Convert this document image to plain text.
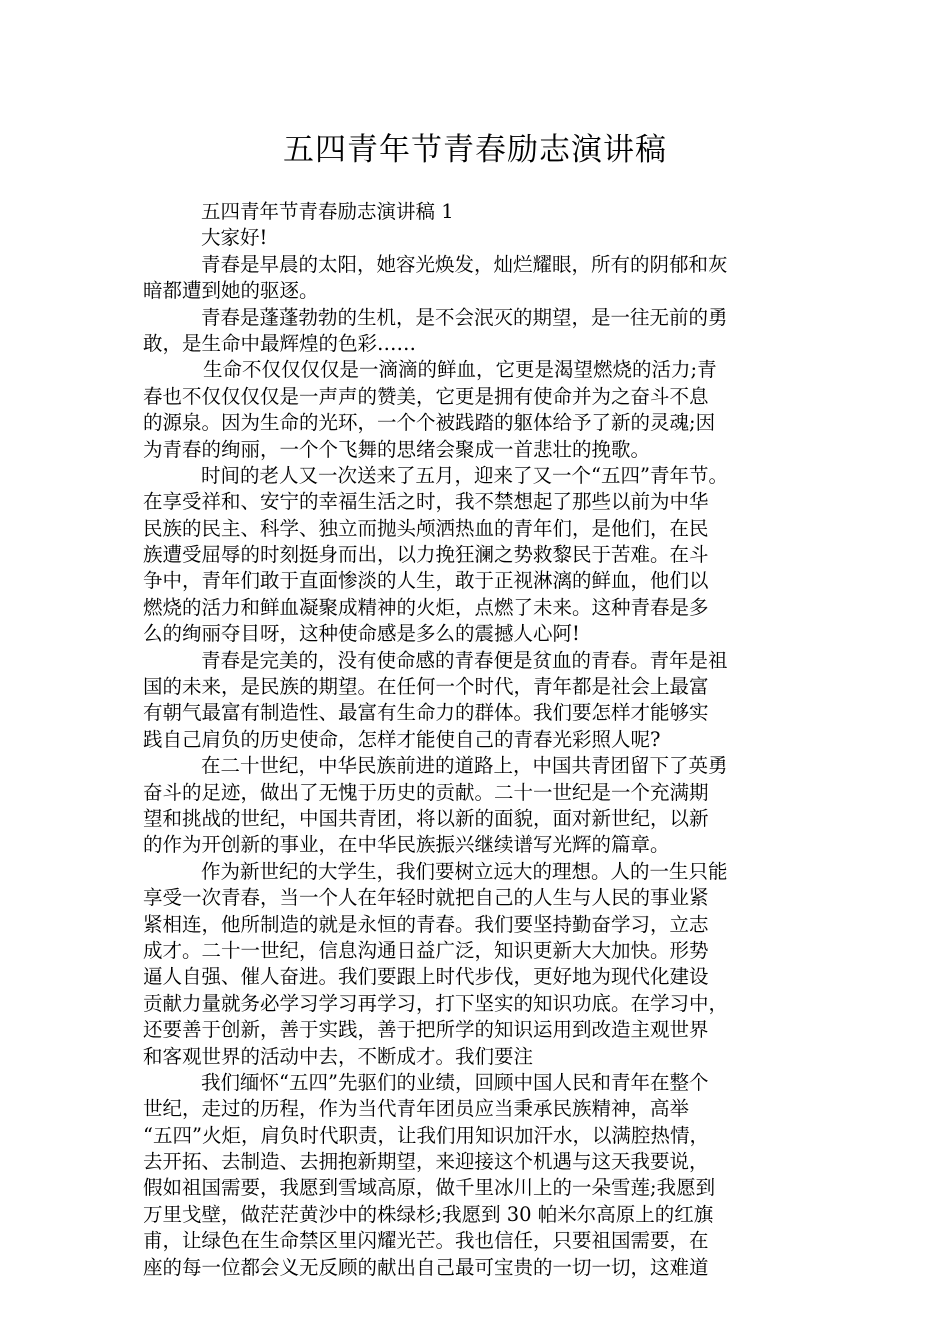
五四青年节青春励志演讲稿
五四青年节青春励志演讲稿 1
大家好!
青春是早晨的太阳，她容光焕发，灿烂耀眼，所有的阴郁和灰
暗都遭到她的驱逐。
青春是蓬蓬勃勃的生机，是不会泯灭的期望，是一往无前的勇
敢，是生命中最辉煌的色彩……
生命不仅仅仅仅是一滴滴的鲜血，它更是渴望燃烧的活力;青
春也不仅仅仅仅是一声声的赞美，它更是拥有使命并为之奋斗不息
的源泉。因为生命的光环，一个个被践踏的躯体给予了新的灵魂;因
为青春的绚丽，一个个飞舞的思绪会聚成一首悲壮的挽歌。
时间的老人又一次送来了五月，迎来了又一个“五四”青年节。
在享受祥和、安宁的幸福生活之时，我不禁想起了那些以前为中华
民族的民主、科学、独立而抛头颅洒热血的青年们，是他们，在民
族遭受屈辱的时刻挺身而出，以力挽狂澜之势救黎民于苦难。在斗
争中，青年们敢于直面惨淡的人生，敢于正视淋漓的鲜血，他们以
燃烧的活力和鲜血凝聚成精神的火炬，点燃了未来。这种青春是多
么的绚丽夺目呀，这种使命感是多么的震撼人心阿!
青春是完美的，没有使命感的青春便是贫血的青春。青年是祖
国的未来，是民族的期望。在任何一个时代，青年都是社会上最富
有朝气最富有制造性、最富有生命力的群体。我们要怎样才能够实
践自己肩负的历史使命，怎样才能使自己的青春光彩照人呢?
在二十世纪，中华民族前进的道路上，中国共青团留下了英勇
奋斗的足迹，做出了无愧于历史的贡献。二十一世纪是一个充满期
望和挑战的世纪，中国共青团，将以新的面貌，面对新世纪，以新
的作为开创新的事业，在中华民族振兴继续谱写光辉的篇章。
作为新世纪的大学生，我们要树立远大的理想。人的一生只能
享受一次青春，当一个人在年轻时就把自己的人生与人民的事业紧
紧相连，他所制造的就是永恒的青春。我们要坚持勤奋学习，立志
成才。二十一世纪，信息沟通日益广泛，知识更新大大加快。形势
逼人自强、催人奋进。我们要跟上时代步伐，更好地为现代化建设
贡献力量就务必学习学习再学习，打下坚实的知识功底。在学习中，
还要善于创新，善于实践，善于把所学的知识运用到改造主观世界
和客观世界的活动中去，不断成才。我们要注
我们缅怀“五四”先驱们的业绩，回顾中国人民和青年在整个
世纪，走过的历程，作为当代青年团员应当秉承民族精神，高举
“五四”火炬，肩负时代职责，让我们用知识加汗水，以满腔热情，
去开拓、去制造、去拥抱新期望，来迎接这个机遇与这天我要说，
假如祖国需要，我愿到雪域高原，做千里冰川上的一朵雪莲;我愿到
万里戈壁，做茫茫黄沙中的株绿杉;我愿到 30 帕米尔高原上的红旗
甫，让绿色在生命禁区里闪耀光芒。我也信任，只要祖国需要，在
座的每一位都会义无反顾的献出自己最可宝贵的一切一切，这难道
